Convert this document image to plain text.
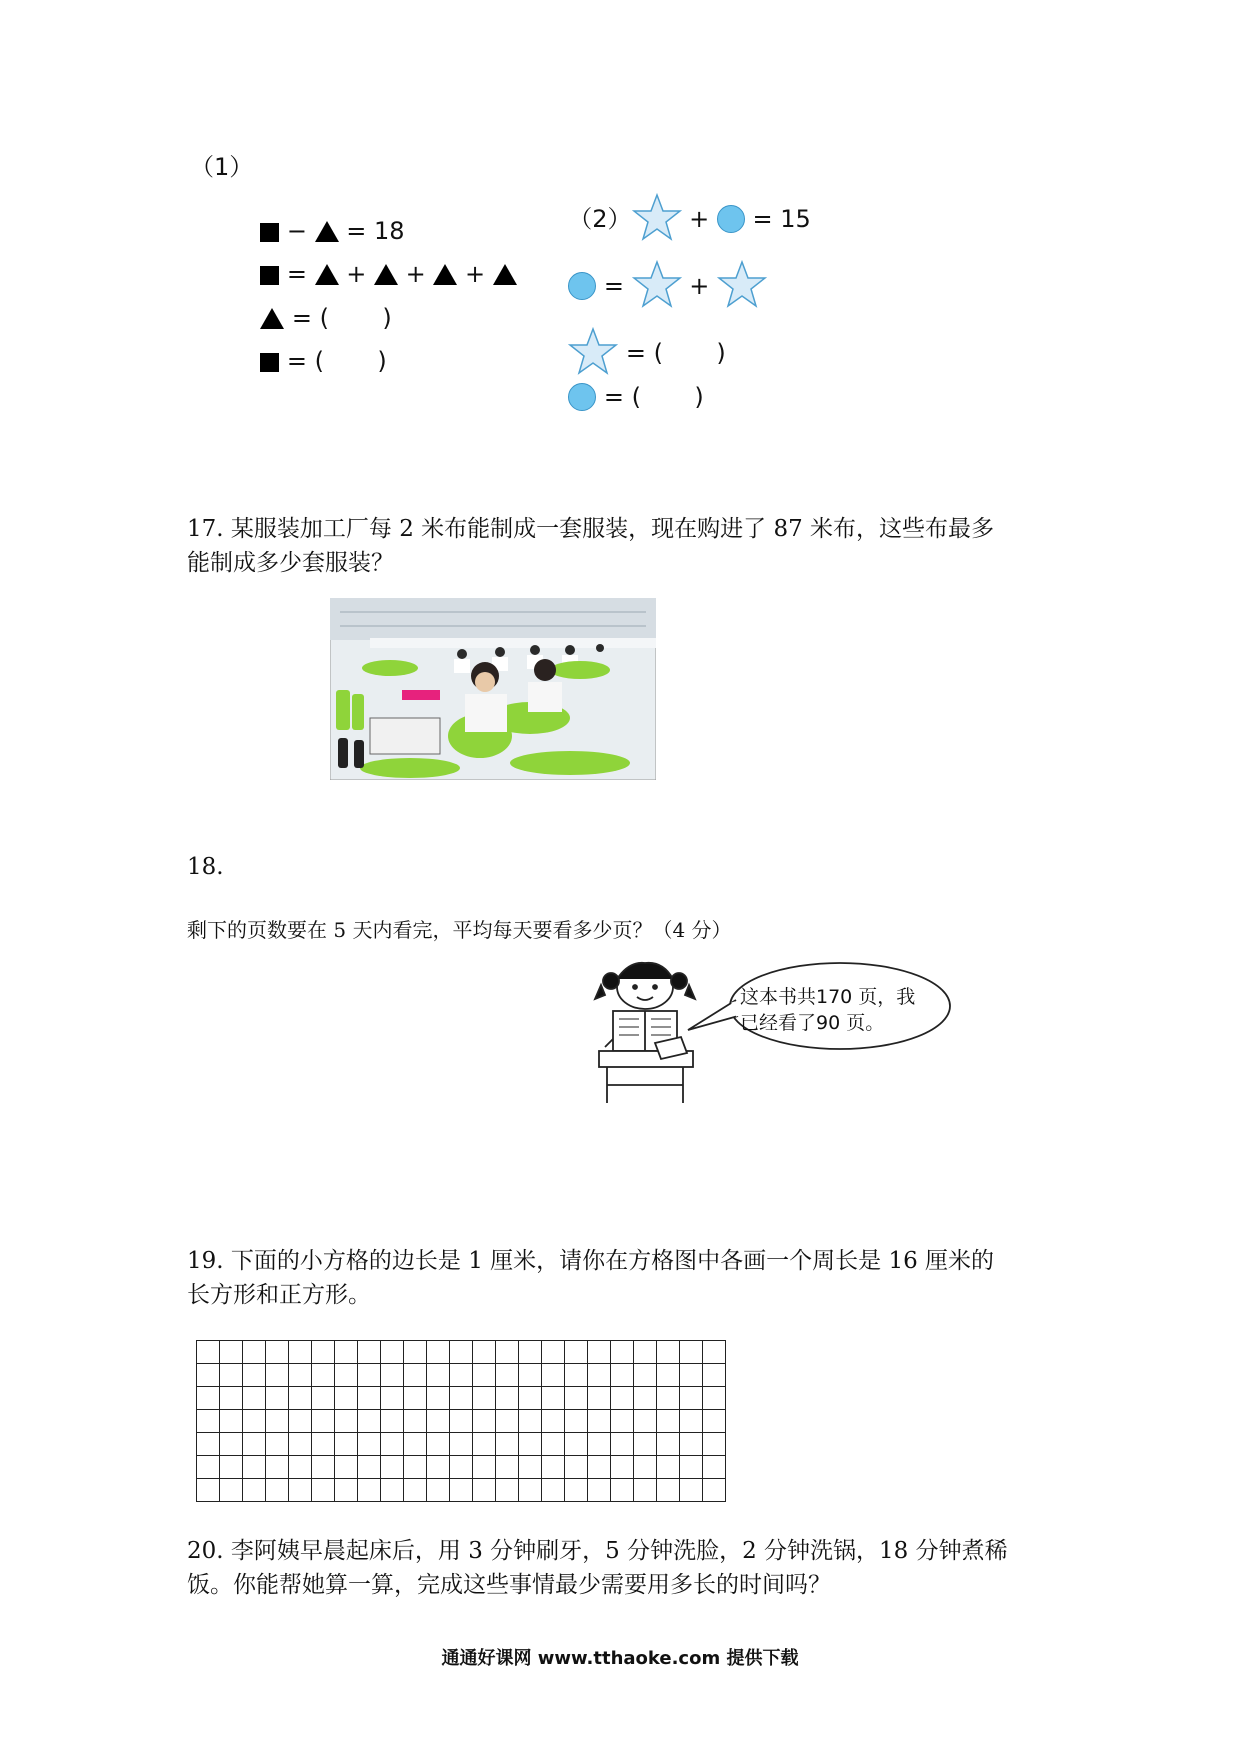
（1）

−  = 18

=  +  +  +

= (       )

= (       )

（2） +  = 15

=  +

= (       )

= (       )

17. 某服装加工厂每 2 米布能制成一套服装，现在购进了 87 米布，这些布最多
能制成多少套服装？
18.
剩下的页数要在 5 天内看完，平均每天要看多少页？（4 分）
这本书共170 页，我
已经看了90 页。
19. 下面的小方格的边长是 1 厘米，请你在方格图中各画一个周长是 16 厘米的
长方形和正方形。

20. 李阿姨早晨起床后，用 3 分钟刷牙，5 分钟洗脸，2 分钟洗锅，18 分钟煮稀
饭。你能帮她算一算，完成这些事情最少需要用多长的时间吗？
通通好课网 www.tthaoke.com 提供下载
